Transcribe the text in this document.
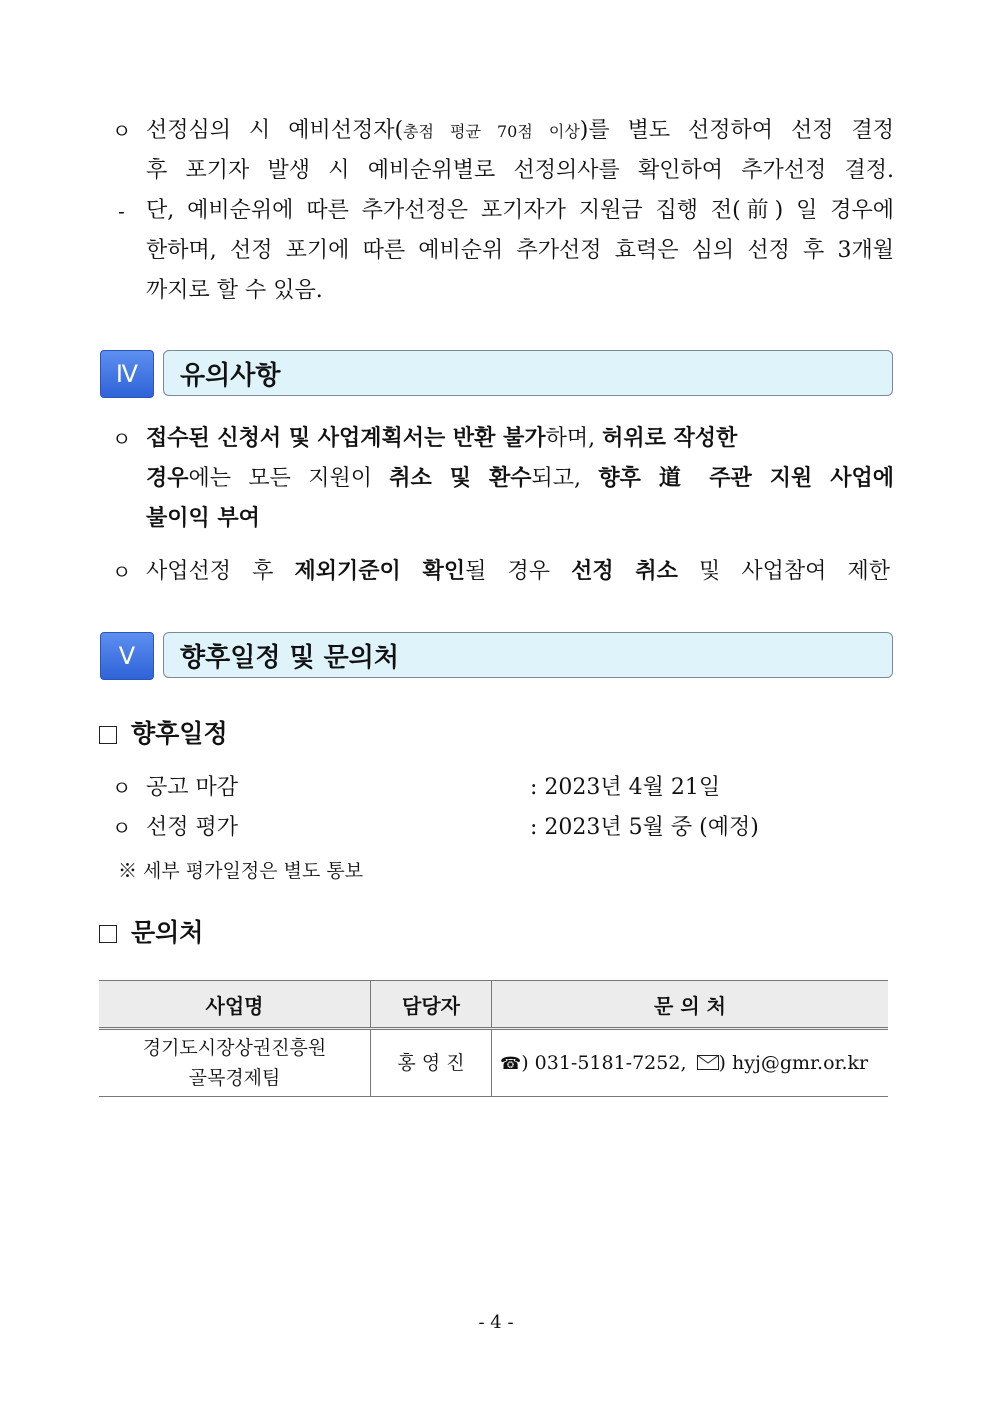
ㅇ 선정심의 시 예비선정자(총점 평균 70점 이상)를 별도 선정하여 선정 결정
후 포기자 발생 시 예비순위별로 선정의사를 확인하여 추가선정 결정.
- 단, 예비순위에 따른 추가선정은 포기자가 지원금 집행 전(前) 일 경우에
한하며, 선정 포기에 따른 예비순위 추가선정 효력은 심의 선정 후 3개월
까지로 할 수 있음.
Ⅳ	유의사항
ㅇ 접수된 신청서 및 사업계획서는 반환 불가하며, 허위로 작성한
경우에는 모든 지원이 취소 및 환수되고, 향후 道 주관 지원 사업에
불이익 부여
ㅇ 사업선정 후 제외기준이 확인될 경우 선정 취소 및 사업참여 제한
Ⅴ	향후일정 및 문의처
향후일정
ㅇ 공고 마감	: 2023년 4월 21일
ㅇ 선정 평가	: 2023년 5월 중 (예정)
※ 세부 평가일정은 별도 통보
문의처
사업명	담당자	문 의 처

경기도시장상권진흥원
골목경제팀	홍 영 진	☎) 031-5181-7252, ) hyj@gmr.or.kr
- 4 -
